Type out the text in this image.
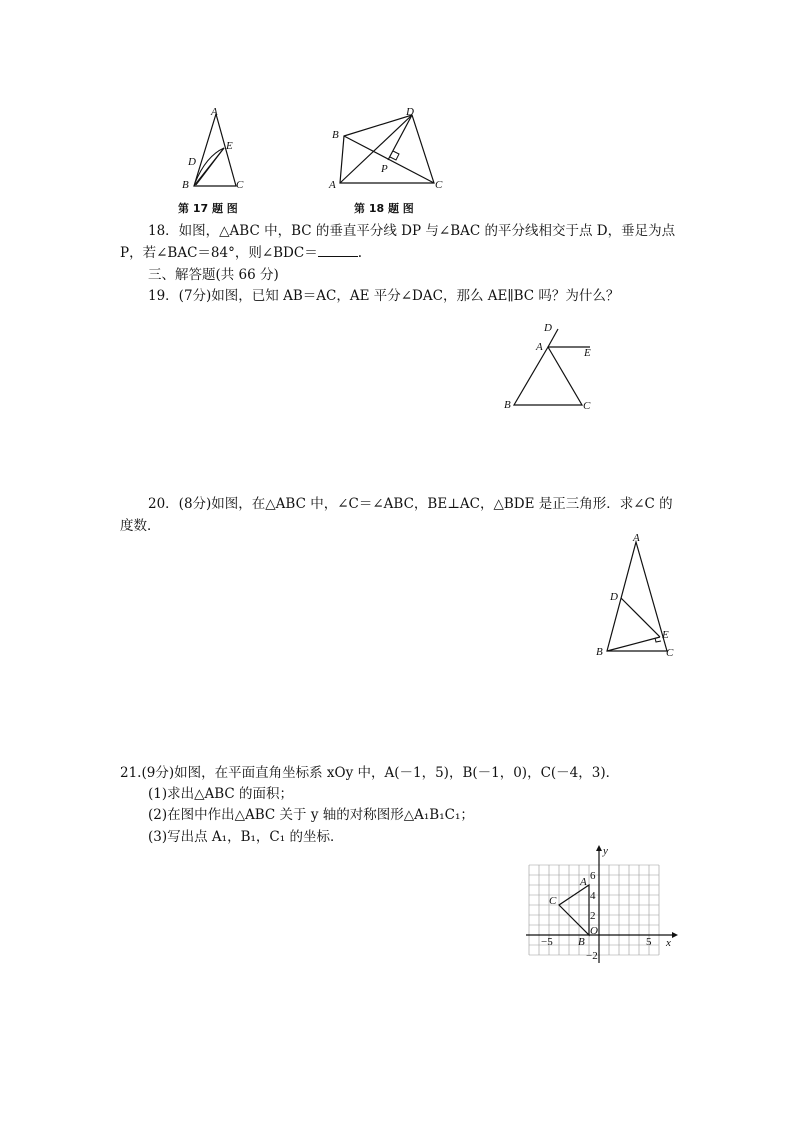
A
E
D
B	C
第 17 题 图
B
D
P
A	C
第 18 题 图
18．如图，△ABC 中，BC 的垂直平分线 DP 与∠BAC 的平分线相交于点 D，垂足为点
P，若∠BAC＝84°，则∠BDC＝	.
三、解答题(共 66 分)
19．(7分)如图，已知 AB＝AC，AE 平分∠DAC，那么 AE∥BC 吗？为什么？
D
A	E
B	C
20．(8分)如图，在△ABC 中，∠C＝∠ABC，BE⊥AC，△BDE 是正三角形．求∠C 的
度数．
A
D
E
B	C
21.(9分)如图，在平面直角坐标系 xOy 中，A(－1，5)，B(－1，0)，C(－4，3)．
(1)求出△ABC 的面积；
(2)在图中作出△ABC 关于 y 轴的对称图形△A₁B₁C₁；
(3)写出点 A₁，B₁，C₁ 的坐标．
A
C
B
O
x
y
−5	5
6
4
2
−2
